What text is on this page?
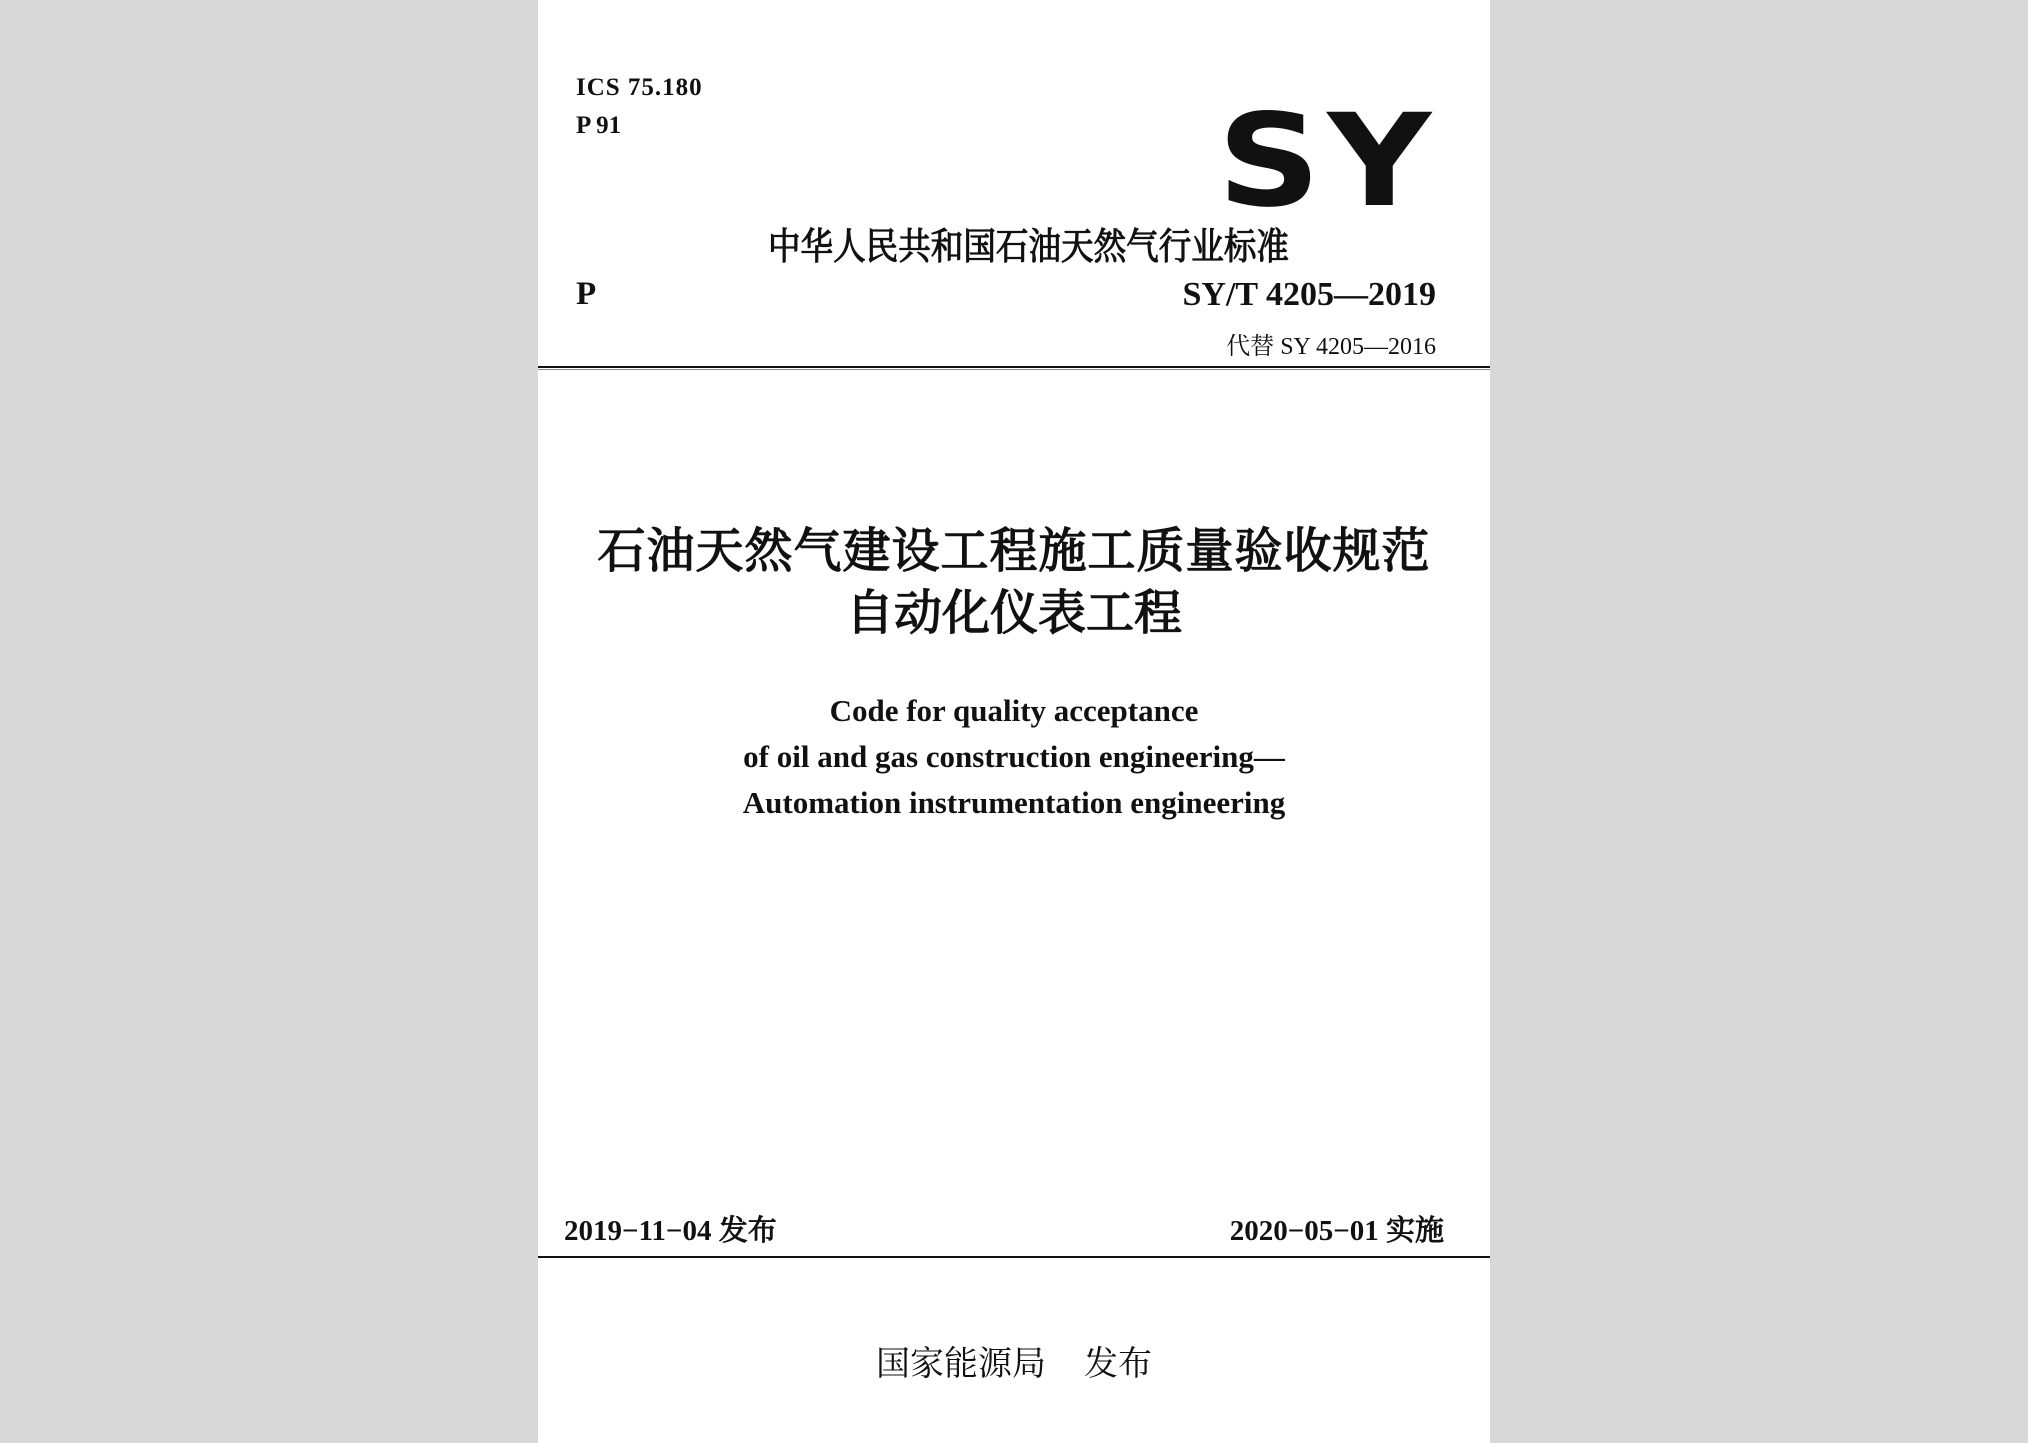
ICS 75.180
P 91	SY
中华人民共和国石油天然气行业标准
P	SY/T 4205—2019
代替 SY 4205—2016
石油天然气建设工程施工质量验收规范
自动化仪表工程
Code for quality acceptance
of oil and gas construction engineering—
Automation instrumentation engineering
2019−11−04 发布	2020−05−01 实施
国家能源局 发布
